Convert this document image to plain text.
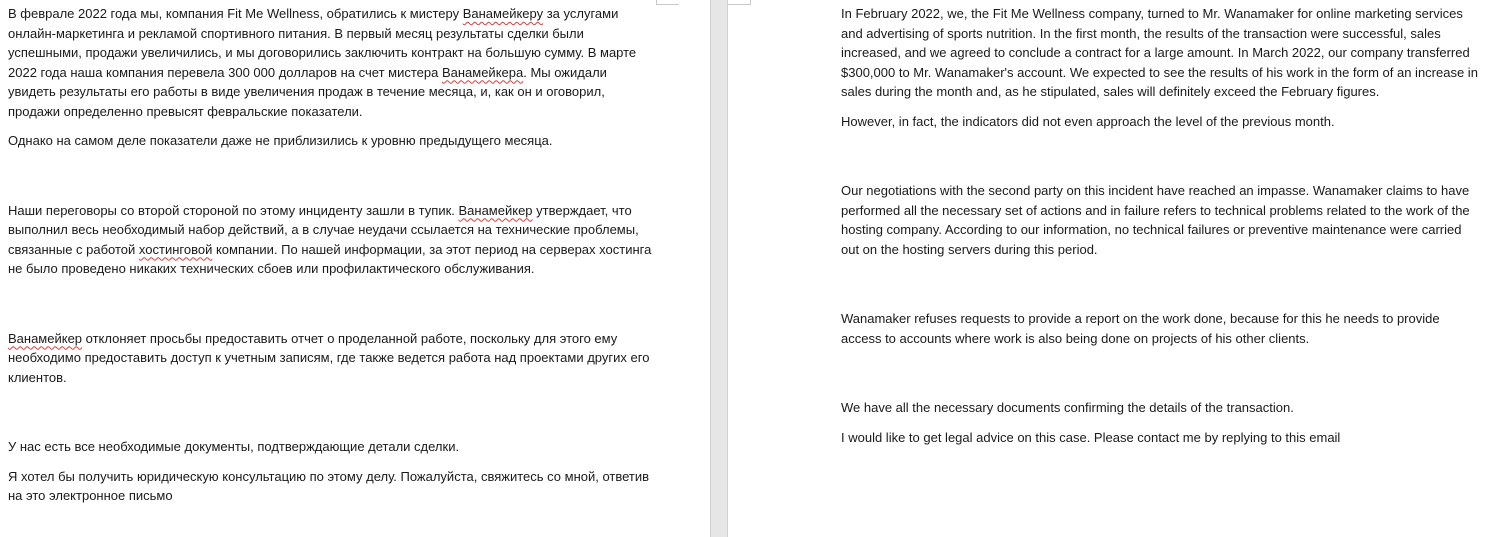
В феврале 2022 года мы, компания Fit Me Wellness, обратились к мистеру Ванамейкеру за услугами онлайн-маркетинга и рекламой спортивного питания. В первый месяц результаты сделки были успешными, продажи увеличились, и мы договорились заключить контракт на большую сумму. В марте 2022 года наша компания перевела 300 000 долларов на счет мистера Ванамейкера. Мы ожидали увидеть результаты его работы в виде увеличения продаж в течение месяца, и, как он и оговорил, продажи определенно превысят февральские показатели.

Однако на самом деле показатели даже не приблизились к уровню предыдущего месяца.

Наши переговоры со второй стороной по этому инциденту зашли в тупик. Ванамейкер утверждает, что выполнил весь необходимый набор действий, а в случае неудачи ссылается на технические проблемы, связанные с работой хостинговой компании. По нашей информации, за этот период на серверах хостинга не было проведено никаких технических сбоев или профилактического обслуживания.

Ванамейкер отклоняет просьбы предоставить отчет о проделанной работе, поскольку для этого ему необходимо предоставить доступ к учетным записям, где также ведется работа над проектами других его клиентов.

У нас есть все необходимые документы, подтверждающие детали сделки.

Я хотел бы получить юридическую консультацию по этому делу. Пожалуйста, свяжитесь со мной, ответив на это электронное письмо

In February 2022, we, the Fit Me Wellness company, turned to Mr. Wanamaker for online marketing services and advertising of sports nutrition. In the first month, the results of the transaction were successful, sales increased, and we agreed to conclude a contract for a large amount. In March 2022, our company transferred $300,000 to Mr. Wanamaker's account. We expected to see the results of his work in the form of an increase in sales during the month and, as he stipulated, sales will definitely exceed the February figures.

However, in fact, the indicators did not even approach the level of the previous month.

Our negotiations with the second party on this incident have reached an impasse. Wanamaker claims to have performed all the necessary set of actions and in failure refers to technical problems related to the work of the hosting company. According to our information, no technical failures or preventive maintenance were carried out on the hosting servers during this period.

Wanamaker refuses requests to provide a report on the work done, because for this he needs to provide access to accounts where work is also being done on projects of his other clients.

We have all the necessary documents confirming the details of the transaction.

I would like to get legal advice on this case. Please contact me by replying to this email
